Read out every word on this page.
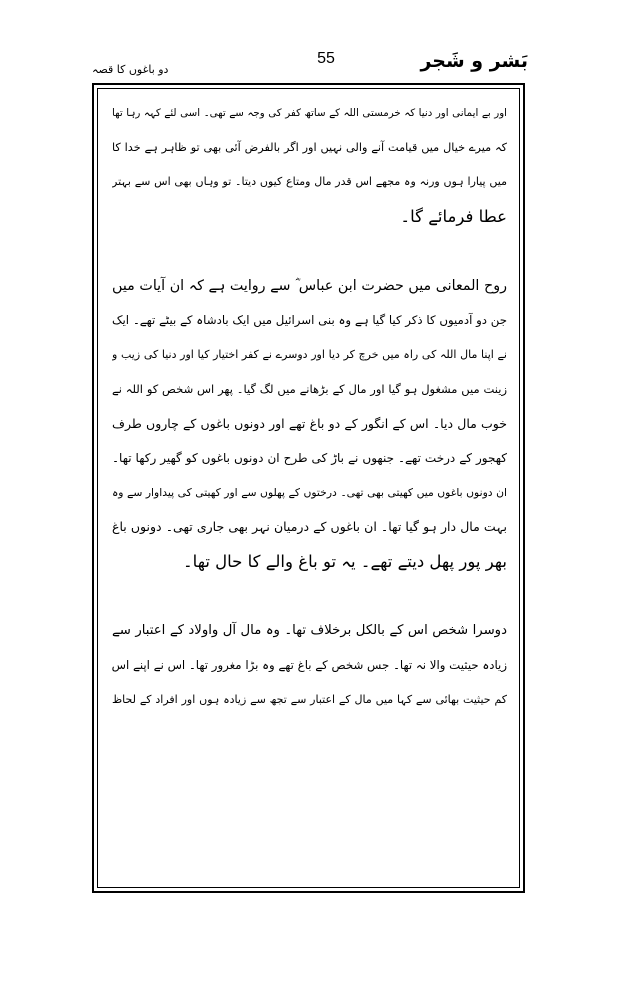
بَشر و شَجر
55
دو باغوں کا قصہ
اور بے ایمانی اور دنیا کہ خرمستی اللہ کے ساتھ کفر کی وجہ سے تھی۔ اسی لئے کہہ رہا تھا
کہ میرے خیال میں قیامت آنے والی نہیں اور اگر بالفرض آئی بھی تو ظاہر ہے خدا کا
میں پیارا ہوں ورنہ وہ مجھے اس قدر مال ومتاع کیوں دیتا۔ تو وہاں بھی اس سے بہتر
عطا فرمائے گا۔
روح المعانی میں حضرت ابن عباس ؓ سے روایت ہے کہ ان آیات میں
جن دو آدمیوں کا ذکر کیا گیا ہے وہ بنی اسرائیل میں ایک بادشاہ کے بیٹے تھے۔ ایک
نے اپنا مال اللہ کی راہ میں خرچ کر دیا اور دوسرے نے کفر اختیار کیا اور دنیا کی زیب و
زینت میں مشغول ہو گیا اور مال کے بڑھانے میں لگ گیا۔ پھر اس شخص کو اللہ نے
خوب مال دیا۔ اس کے انگور کے دو باغ تھے اور دونوں باغوں کے چاروں طرف
کھجور کے درخت تھے۔ جنھوں نے باڑ کی طرح ان دونوں باغوں کو گھیر رکھا تھا۔
ان دونوں باغوں میں کھیتی بھی تھی۔ درختوں کے پھلوں سے اور کھیتی کی پیداوار سے وہ
بہت مال دار ہو گیا تھا۔ ان باغوں کے درمیان نہر بھی جاری تھی۔ دونوں باغ
بھر پور پھل دیتے تھے۔ یہ تو باغ والے کا حال تھا۔
دوسرا شخص اس کے بالکل برخلاف تھا۔ وہ مال آل واولاد کے اعتبار سے
زیادہ حیثیت والا نہ تھا۔ جس شخص کے باغ تھے وہ بڑا مغرور تھا۔ اس نے اپنے اس
کم حیثیت بھائی سے کہا میں مال کے اعتبار سے تجھ سے زیادہ ہوں اور افراد کے لحاظ
